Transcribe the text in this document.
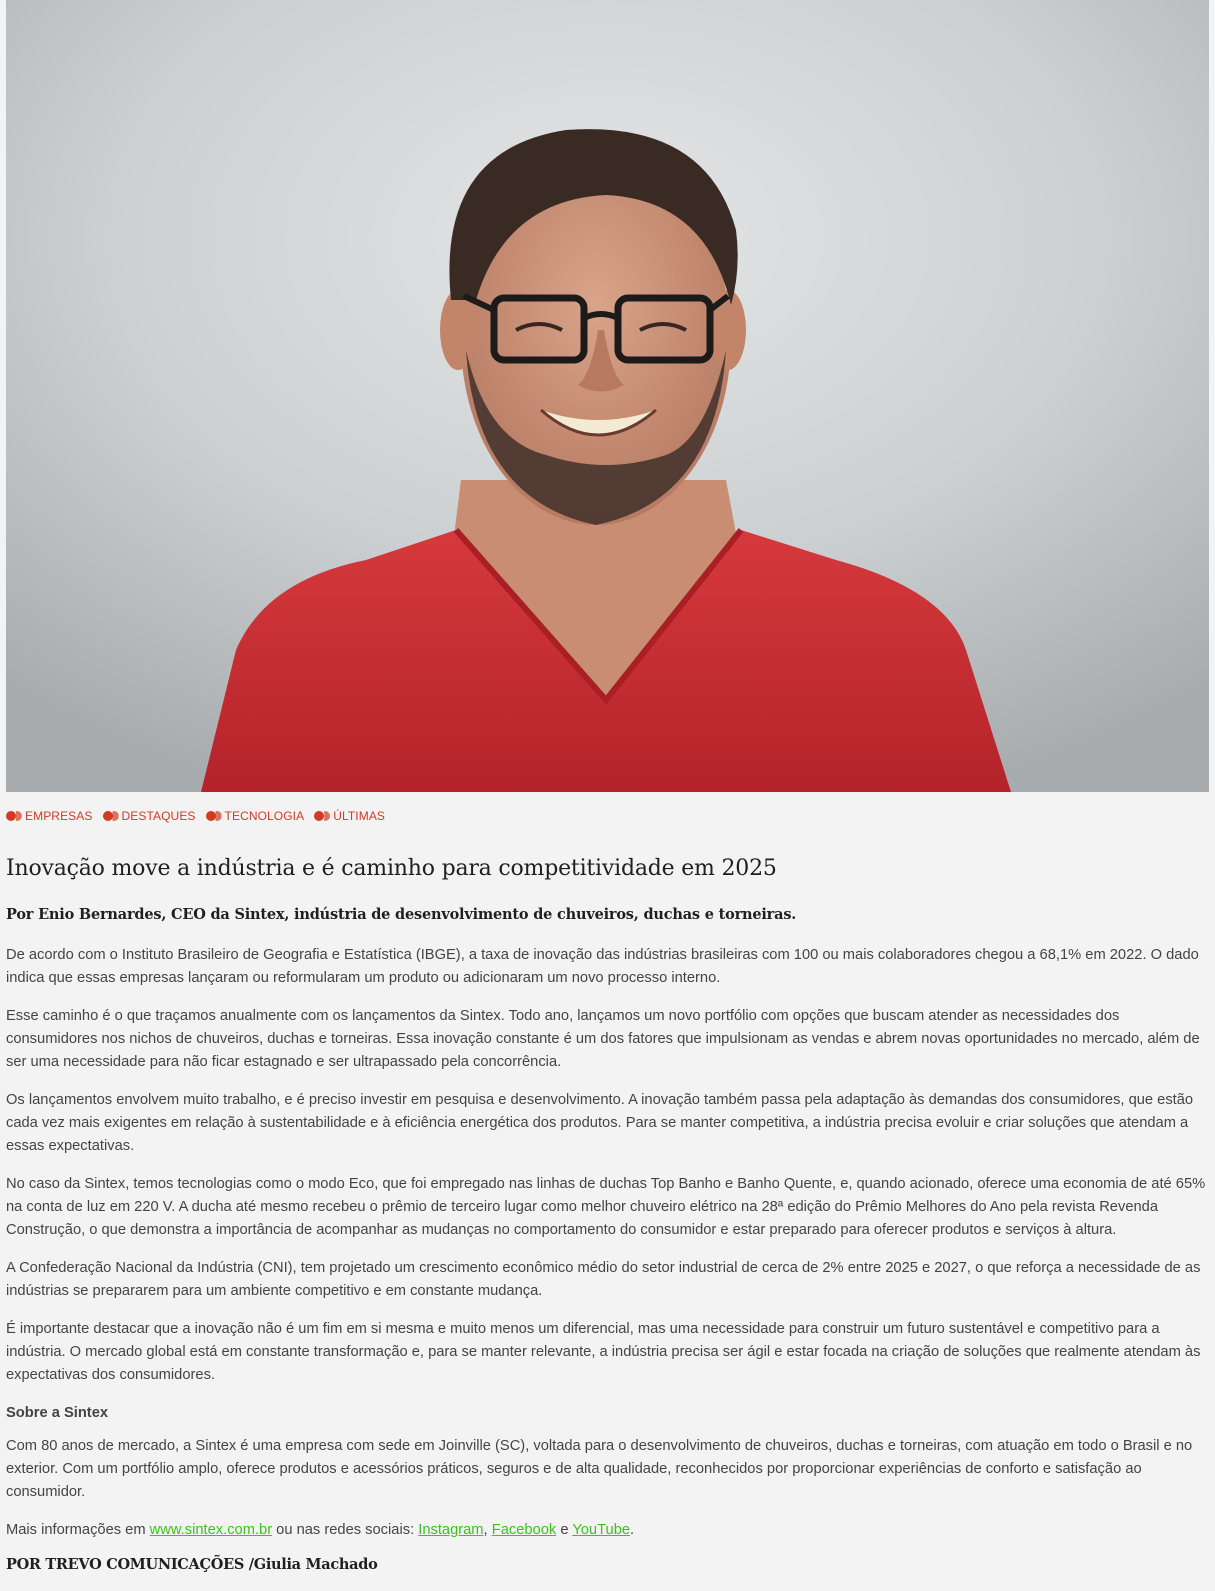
EMPRESAS DESTAQUES TECNOLOGIA ÚLTIMAS
Inovação move a indústria e é caminho para competitividade em 2025
Por Enio Bernardes, CEO da Sintex, indústria de desenvolvimento de chuveiros, duchas e torneiras.

De acordo com o Instituto Brasileiro de Geografia e Estatística (IBGE), a taxa de inovação das indústrias brasileiras com 100 ou mais colaboradores chegou a 68,1% em 2022. O dado indica que essas empresas lançaram ou reformularam um produto ou adicionaram um novo processo interno.

Esse caminho é o que traçamos anualmente com os lançamentos da Sintex. Todo ano, lançamos um novo portfólio com opções que buscam atender as necessidades dos consumidores nos nichos de chuveiros, duchas e torneiras. Essa inovação constante é um dos fatores que impulsionam as vendas e abrem novas oportunidades no mercado, além de ser uma necessidade para não ficar estagnado e ser ultrapassado pela concorrência.

Os lançamentos envolvem muito trabalho, e é preciso investir em pesquisa e desenvolvimento. A inovação também passa pela adaptação às demandas dos consumidores, que estão cada vez mais exigentes em relação à sustentabilidade e à eficiência energética dos produtos. Para se manter competitiva, a indústria precisa evoluir e criar soluções que atendam a essas expectativas.

No caso da Sintex, temos tecnologias como o modo Eco, que foi empregado nas linhas de duchas Top Banho e Banho Quente, e, quando acionado, oferece uma economia de até 65% na conta de luz em 220 V. A ducha até mesmo recebeu o prêmio de terceiro lugar como melhor chuveiro elétrico na 28ª edição do Prêmio Melhores do Ano pela revista Revenda Construção, o que demonstra a importância de acompanhar as mudanças no comportamento do consumidor e estar preparado para oferecer produtos e serviços à altura.

A Confederação Nacional da Indústria (CNI), tem projetado um crescimento econômico médio do setor industrial de cerca de 2% entre 2025 e 2027, o que reforça a necessidade de as indústrias se prepararem para um ambiente competitivo e em constante mudança.

É importante destacar que a inovação não é um fim em si mesma e muito menos um diferencial, mas uma necessidade para construir um futuro sustentável e competitivo para a indústria. O mercado global está em constante transformação e, para se manter relevante, a indústria precisa ser ágil e estar focada na criação de soluções que realmente atendam às expectativas dos consumidores.

Sobre a Sintex

Com 80 anos de mercado, a Sintex é uma empresa com sede em Joinville (SC), voltada para o desenvolvimento de chuveiros, duchas e torneiras, com atuação em todo o Brasil e no exterior. Com um portfólio amplo, oferece produtos e acessórios práticos, seguros e de alta qualidade, reconhecidos por proporcionar experiências de conforto e satisfação ao consumidor.

Mais informações em www.sintex.com.br ou nas redes sociais: Instagram, Facebook e YouTube.

POR TREVO COMUNICAÇÕES /Giulia Machado
